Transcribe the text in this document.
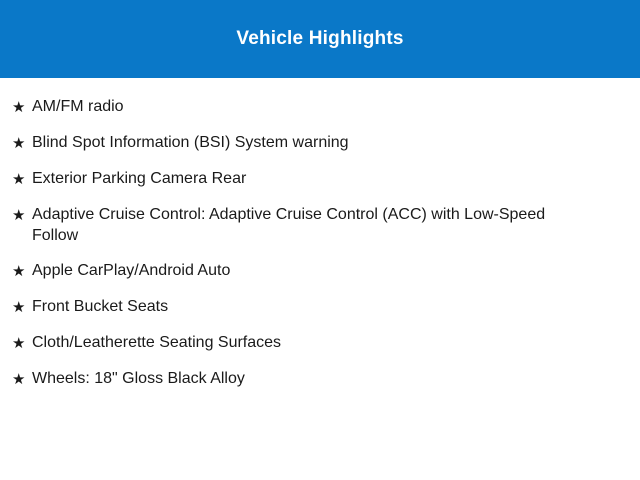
Vehicle Highlights
★ AM/FM radio
★ Blind Spot Information (BSI) System warning
★ Exterior Parking Camera Rear
★ Adaptive Cruise Control: Adaptive Cruise Control (ACC) with Low-Speed Follow
★ Apple CarPlay/Android Auto
★ Front Bucket Seats
★ Cloth/Leatherette Seating Surfaces
★ Wheels: 18" Gloss Black Alloy
